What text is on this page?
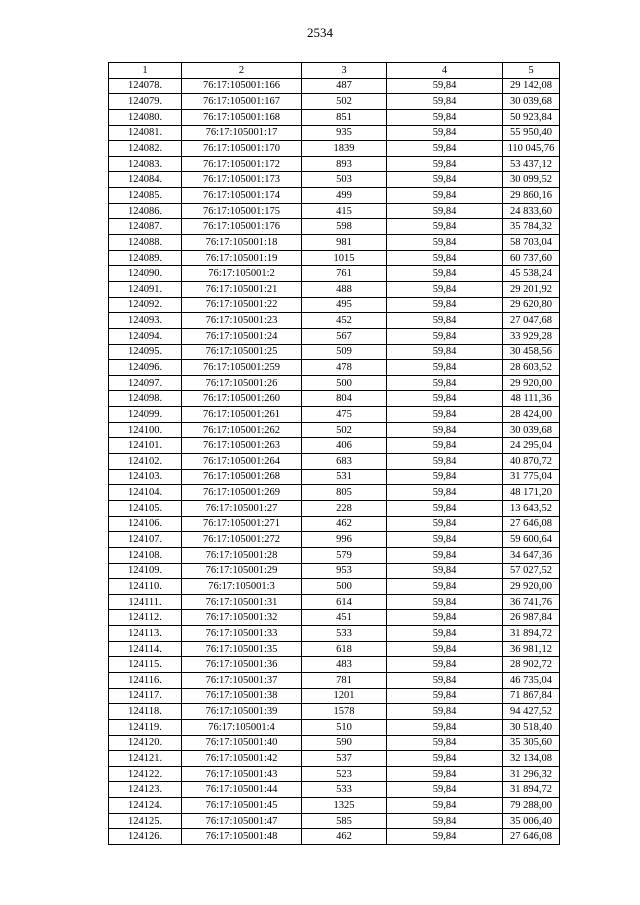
2534
1	2	3	4	5
124078.	76:17:105001:166	487	59,84	29 142,08
124079.	76:17:105001:167	502	59,84	30 039,68
124080.	76:17:105001:168	851	59,84	50 923,84
124081.	76:17:105001:17	935	59,84	55 950,40
124082.	76:17:105001:170	1839	59,84	110 045,76
124083.	76:17:105001:172	893	59,84	53 437,12
124084.	76:17:105001:173	503	59,84	30 099,52
124085.	76:17:105001:174	499	59,84	29 860,16
124086.	76:17:105001:175	415	59,84	24 833,60
124087.	76:17:105001:176	598	59,84	35 784,32
124088.	76:17:105001:18	981	59,84	58 703,04
124089.	76:17:105001:19	1015	59,84	60 737,60
124090.	76:17:105001:2	761	59,84	45 538,24
124091.	76:17:105001:21	488	59,84	29 201,92
124092.	76:17:105001:22	495	59,84	29 620,80
124093.	76:17:105001:23	452	59,84	27 047,68
124094.	76:17:105001:24	567	59,84	33 929,28
124095.	76:17:105001:25	509	59,84	30 458,56
124096.	76:17:105001:259	478	59,84	28 603,52
124097.	76:17:105001:26	500	59,84	29 920,00
124098.	76:17:105001:260	804	59,84	48 111,36
124099.	76:17:105001:261	475	59,84	28 424,00
124100.	76:17:105001:262	502	59,84	30 039,68
124101.	76:17:105001:263	406	59,84	24 295,04
124102.	76:17:105001:264	683	59,84	40 870,72
124103.	76:17:105001:268	531	59,84	31 775,04
124104.	76:17:105001:269	805	59,84	48 171,20
124105.	76:17:105001:27	228	59,84	13 643,52
124106.	76:17:105001:271	462	59,84	27 646,08
124107.	76:17:105001:272	996	59,84	59 600,64
124108.	76:17:105001:28	579	59,84	34 647,36
124109.	76:17:105001:29	953	59,84	57 027,52
124110.	76:17:105001:3	500	59,84	29 920,00
124111.	76:17:105001:31	614	59,84	36 741,76
124112.	76:17:105001:32	451	59,84	26 987,84
124113.	76:17:105001:33	533	59,84	31 894,72
124114.	76:17:105001:35	618	59,84	36 981,12
124115.	76:17:105001:36	483	59,84	28 902,72
124116.	76:17:105001:37	781	59,84	46 735,04
124117.	76:17:105001:38	1201	59,84	71 867,84
124118.	76:17:105001:39	1578	59,84	94 427,52
124119.	76:17:105001:4	510	59,84	30 518,40
124120.	76:17:105001:40	590	59,84	35 305,60
124121.	76:17:105001:42	537	59,84	32 134,08
124122.	76:17:105001:43	523	59,84	31 296,32
124123.	76:17:105001:44	533	59,84	31 894,72
124124.	76:17:105001:45	1325	59,84	79 288,00
124125.	76:17:105001:47	585	59,84	35 006,40
124126.	76:17:105001:48	462	59,84	27 646,08
